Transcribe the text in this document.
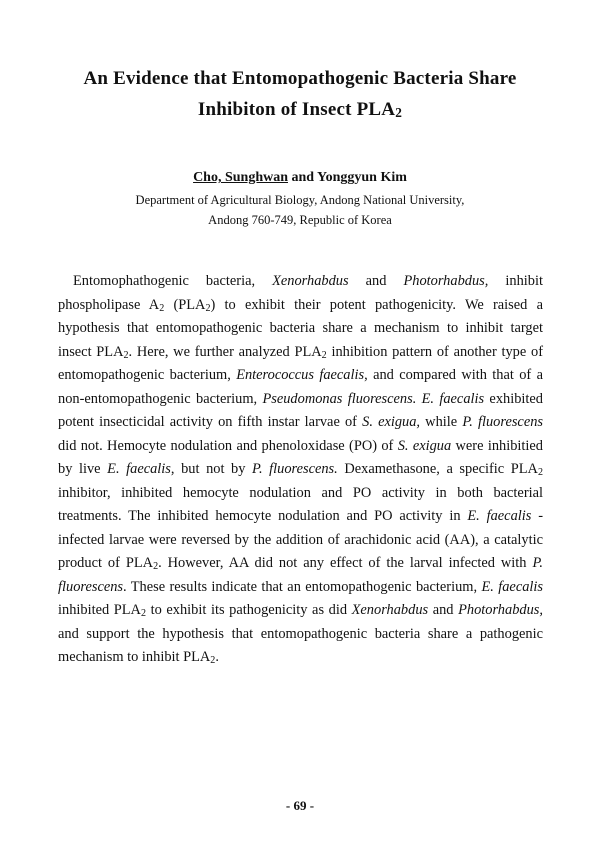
An Evidence that Entomopathogenic Bacteria Share
Inhibiton of Insect $PLA_2$
Cho, Sunghwan and Yonggyun Kim
Department of Agricultural Biology, Andong National University,
Andong 760-749, Republic of Korea
Entomophathogenic bacteria, Xenorhabdus and Photorhabdus, inhibit phospholipase $A_2$ $(PLA_2)$ to exhibit their potent pathogenicity. We raised a hypothesis that entomopathogenic bacteria share a mechanism to inhibit target insect $PLA_2$. Here, we further analyzed $PLA_2$ inhibition pattern of another type of entomopathogenic bacterium, Enterococcus faecalis, and compared with that of a non-entomopathogenic bacterium, Pseudomonas fluorescens. E. faecalis exhibited potent insecticidal activity on fifth instar larvae of S. exigua, while P. fluorescens did not. Hemocyte nodulation and phenoloxidase (PO) of S. exigua were inhibitied by live E. faecalis, but not by P. fluorescens. Dexamethasone, a specific $PLA_2$ inhibitor, inhibited hemocyte nodulation and PO activity in both bacterial treatments. The inhibited hemocyte nodulation and PO activity in E. faecalis -infected larvae were reversed by the addition of arachidonic acid (AA), a catalytic product of $PLA_2$. However, AA did not any effect of the larval infected with P. fluorescens. These results indicate that an entomopathogenic bacterium, E. faecalis inhibited $PLA_2$ to exhibit its pathogenicity as did Xenorhabdus and Photorhabdus, and support the hypothesis that entomopathogenic bacteria share a pathogenic mechanism to inhibit $PLA_2$.
- 69 -
